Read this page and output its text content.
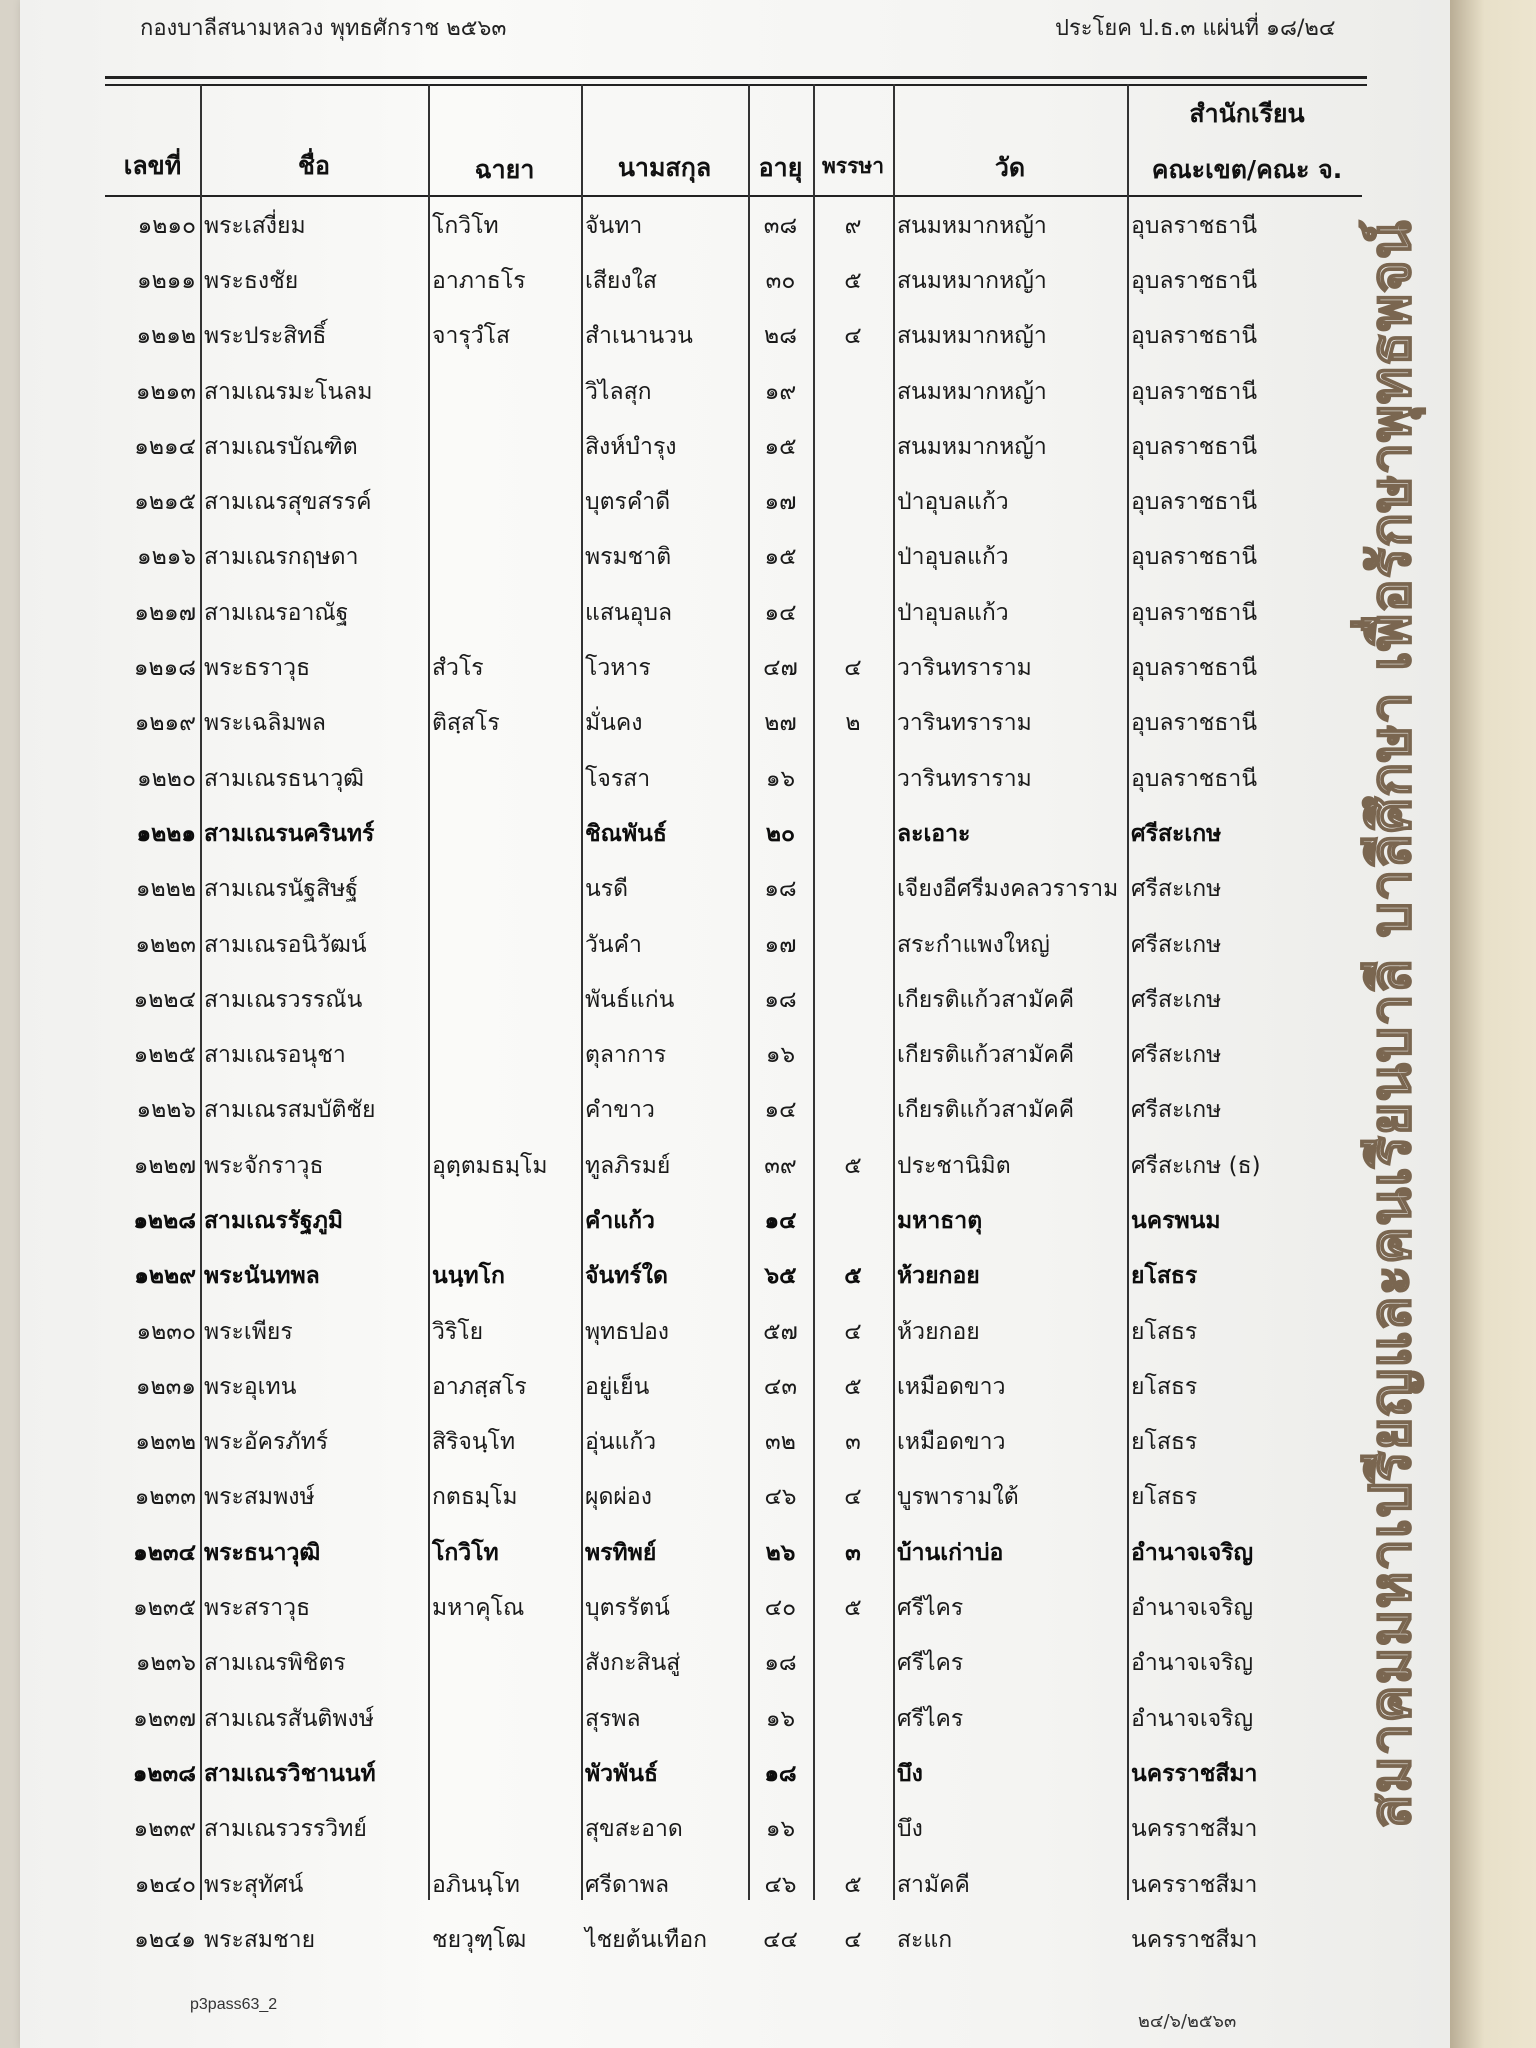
กองบาลีสนามหลวง พุทธศักราช ๒๕๖๓	ประโยค ป.ธ.๓ แผ่นที่ ๑๘/๒๔
เลขที่	ชื่อ	ฉายา	นามสกุล	อายุ พรรษา	วัด
สำนักเรียน
คณะเขต/คณะ จ.
๑๒๑๐	พระเสงี่ยม	โกวิโท	จันทา	๓๘	๙	สนมหมากหญ้า	อุบลราชธานี
๑๒๑๑	พระธงชัย	อาภาธโร	เสียงใส	๓๐	๕	สนมหมากหญ้า	อุบลราชธานี
๑๒๑๒	พระประสิทธิ์	จารุวํโส	สำเนานวน	๒๘	๔	สนมหมากหญ้า	อุบลราชธานี
๑๒๑๓	สามเณรมะโนลม		วิไลสุก	๑๙		สนมหมากหญ้า	อุบลราชธานี
๑๒๑๔	สามเณรบัณฑิต		สิงห์บำรุง	๑๕		สนมหมากหญ้า	อุบลราชธานี
๑๒๑๕	สามเณรสุขสรรค์		บุตรคำดี	๑๗		ป่าอุบลแก้ว	อุบลราชธานี
๑๒๑๖	สามเณรกฤษดา		พรมชาติ	๑๕		ป่าอุบลแก้ว	อุบลราชธานี
๑๒๑๗	สามเณรอาณัฐ		แสนอุบล	๑๔		ป่าอุบลแก้ว	อุบลราชธานี
๑๒๑๘	พระธราวุธ	สํวโร	โวหาร	๔๗	๔	วารินทราราม	อุบลราชธานี
๑๒๑๙	พระเฉลิมพล	ติสฺสโร	มั่นคง	๒๗	๒	วารินทราราม	อุบลราชธานี
๑๒๒๐	สามเณรธนาวุฒิ		โจรสา	๑๖		วารินทราราม	อุบลราชธานี
๑๒๒๑	สามเณรนครินทร์		ชิณพันธ์	๒๐		ละเอาะ	ศรีสะเกษ
๑๒๒๒	สามเณรนัฐสิษฐ์		นรดี	๑๘		เจียงอีศรีมงคลวราราม	ศรีสะเกษ
๑๒๒๓	สามเณรอนิวัฒน์		วันคำ	๑๗		สระกำแพงใหญ่	ศรีสะเกษ
๑๒๒๔	สามเณรวรรณัน		พันธ์แก่น	๑๘		เกียรติแก้วสามัคคี	ศรีสะเกษ
๑๒๒๕	สามเณรอนุชา		ตุลาการ	๑๖		เกียรติแก้วสามัคคี	ศรีสะเกษ
๑๒๒๖	สามเณรสมบัติชัย		คำขาว	๑๔		เกียรติแก้วสามัคคี	ศรีสะเกษ
๑๒๒๗	พระจักราวุธ	อุตฺตมธมฺโม	ทูลภิรมย์	๓๙	๕	ประชานิมิต	ศรีสะเกษ (ธ)
๑๒๒๘	สามเณรรัฐภูมิ		คำแก้ว	๑๔		มหาธาตุ	นครพนม
๑๒๒๙	พระนันทพล	นนฺทโก	จันทร์ใด	๖๕	๕	ห้วยกอย	ยโสธร
๑๒๓๐	พระเพียร	วิริโย	พุทธปอง	๕๗	๔	ห้วยกอย	ยโสธร
๑๒๓๑	พระอุเทน	อาภสฺสโร	อยู่เย็น	๔๓	๕	เหมือดขาว	ยโสธร
๑๒๓๒	พระอัครภัทร์	สิริจนฺโท	อุ่นแก้ว	๓๒	๓	เหมือดขาว	ยโสธร
๑๒๓๓	พระสมพงษ์	กตธมฺโม	ผุดผ่อง	๔๖	๔	บูรพารามใต้	ยโสธร
๑๒๓๔	พระธนาวุฒิ	โกวิโท	พรทิพย์	๒๖	๓	บ้านเก่าบ่อ	อำนาจเจริญ
๑๒๓๕	พระสราวุธ	มหาคุโณ	บุตรรัตน์	๔๐	๕	ศรีไคร	อำนาจเจริญ
๑๒๓๖	สามเณรพิชิตร		สังกะสินสู่	๑๘		ศรีไคร	อำนาจเจริญ
๑๒๓๗	สามเณรสันติพงษ์		สุรพล	๑๖		ศรีไคร	อำนาจเจริญ
๑๒๓๘	สามเณรวิชานนท์		พัวพันธ์	๑๘		บึง	นครราชสีมา
๑๒๓๙	สามเณรวรรวิทย์		สุขสะอาด	๑๖		บึง	นครราชสีมา
๑๒๔๐	พระสุทัศน์	อภินนฺโท	ศรีดาพล	๔๖	๕	สามัคคี	นครราชสีมา
๑๒๔๑	พระสมชาย	ชยวุฑฺโฒ	ไชยต้นเทือก	๔๔	๔	สะแก	นครราชสีมา
p3pass63_2
๒๔/๖/๒๕๖๓
สมาคมมหาเปรียญและคนเรียนบาลี บาลีศึกษา เพื่อรักษาพุทธพจน์
